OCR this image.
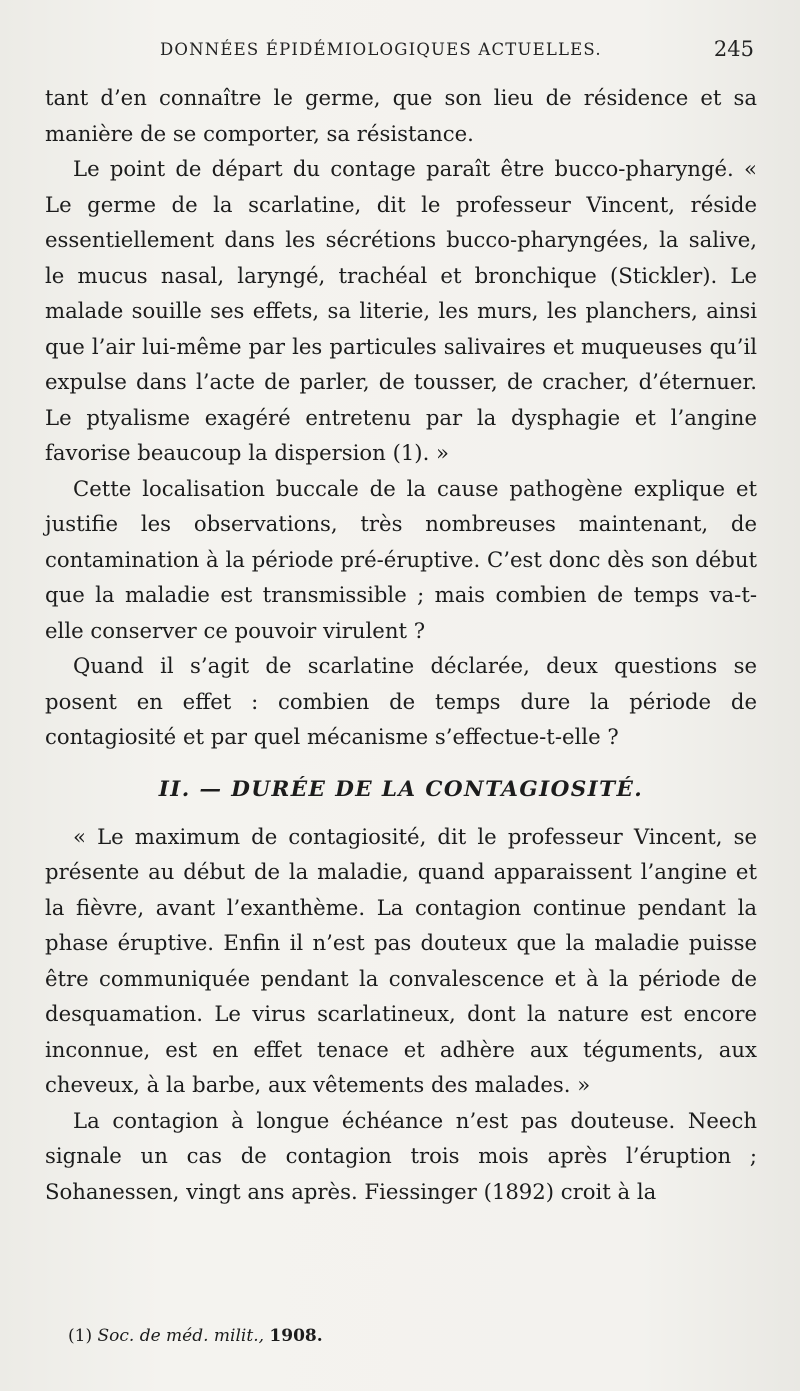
DONNÉES ÉPIDÉMIOLOGIQUES ACTUELLES.	245

tant d’en connaître le germe, que son lieu de résidence et sa manière de se comporter, sa résistance.

Le point de départ du contage paraît être bucco-pharyngé. « Le germe de la scarlatine, dit le professeur Vincent, réside essentiellement dans les sécrétions bucco-pharyngées, la salive, le mucus nasal, laryngé, trachéal et bronchique (Stickler). Le malade souille ses effets, sa literie, les murs, les planchers, ainsi que l’air lui-même par les particules salivaires et muqueuses qu’il expulse dans l’acte de parler, de tousser, de cracher, d’éternuer. Le ptyalisme exagéré entretenu par la dysphagie et l’angine favorise beaucoup la dispersion (1). »

Cette localisation buccale de la cause pathogène explique et justifie les observations, très nombreuses maintenant, de contamination à la période pré-éruptive. C’est donc dès son début que la maladie est transmissible ; mais combien de temps va-t-elle conserver ce pouvoir virulent ?

Quand il s’agit de scarlatine déclarée, deux questions se posent en effet : combien de temps dure la période de contagiosité et par quel mécanisme s’effectue-t-elle ?

II. — DURÉE DE LA CONTAGIOSITÉ.

« Le maximum de contagiosité, dit le professeur Vincent, se présente au début de la maladie, quand apparaissent l’angine et la fièvre, avant l’exanthème. La contagion continue pendant la phase éruptive. Enfin il n’est pas douteux que la maladie puisse être communiquée pendant la convalescence et à la période de desquamation. Le virus scarlatineux, dont la nature est encore inconnue, est en effet tenace et adhère aux téguments, aux cheveux, à la barbe, aux vêtements des malades. »

La contagion à longue échéance n’est pas douteuse. Neech signale un cas de contagion trois mois après l’éruption ; Sohanessen, vingt ans après. Fiessinger (1892) croit à la

(1) Soc. de méd. milit., 1908.
